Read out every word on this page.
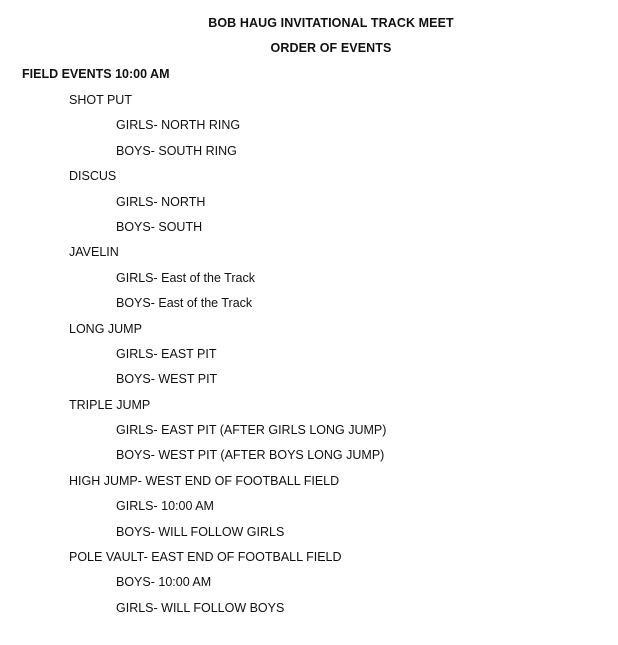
BOB HAUG INVITATIONAL TRACK MEET
ORDER OF EVENTS
FIELD EVENTS 10:00 AM
SHOT PUT
GIRLS- NORTH RING
BOYS- SOUTH RING
DISCUS
GIRLS- NORTH
BOYS- SOUTH
JAVELIN
GIRLS- East of the Track
BOYS- East of the Track
LONG JUMP
GIRLS- EAST PIT
BOYS- WEST PIT
TRIPLE JUMP
GIRLS- EAST PIT (AFTER GIRLS LONG JUMP)
BOYS- WEST PIT (AFTER BOYS LONG JUMP)
HIGH JUMP- WEST END OF FOOTBALL FIELD
GIRLS- 10:00 AM
BOYS- WILL FOLLOW GIRLS
POLE VAULT- EAST END OF FOOTBALL FIELD
BOYS- 10:00 AM
GIRLS- WILL FOLLOW BOYS
